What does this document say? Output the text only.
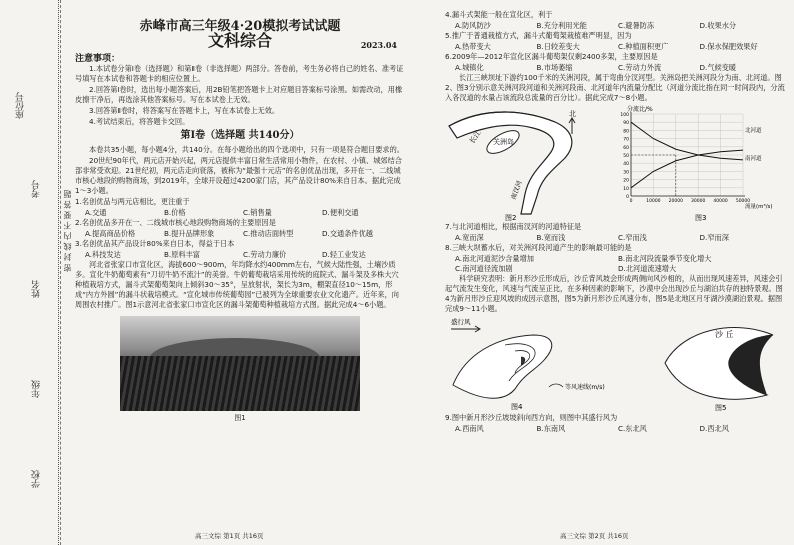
座位号
考号
姓名
年级
学校
密 封 线 内 不 要 答 题
赤峰市高三年级4·20模拟考试试题
文科综合	2023.04
注意事项：
1.本试卷分第Ⅰ卷（选择题）和第Ⅱ卷（非选择题）两部分。答卷前，考生务必将自己的姓名、准考证号填写在本试卷和答题卡的相应位置上。
2.回答第Ⅰ卷时，选出每小题答案后，用2B铅笔把答题卡上对应题目答案标号涂黑。如需改动，用橡皮擦干净后，再选涂其他答案标号。写在本试卷上无效。
3.回答第Ⅱ卷时，将答案写在答题卡上，写在本试卷上无效。
4.考试结束后，将答题卡交回。
第Ⅰ卷（选择题 共140分）
本卷共35小题，每小题4分，共140分。在每小题给出的四个选项中，只有一项是符合题目要求的。
20世纪90年代，两元店开始兴起，两元店提供丰富日常生活常用小物件，在农村、小镇、城郊结合部非常受欢迎。21世纪初，两元店走向衰落，被称为“最强十元店”的名创优品出现，多开在一、二线城市核心地段的购物商场，到2019年，全球开设超过4200家门店，其产品设计80%来自日本。据此完成1～3小题。
1.名创优品与两元店相比，更注重于
A.交通	B.价格	C.销售量	D.便利交通
2.名创优品多开在一、二线城市核心地段购物商场的主要原因是
A.提高商品价格	B.提升品牌形象	C.推动店面转型	D.交通条件优越
3.名创优品其产品设计80%来自日本，得益于日本
A.科技发达	B.原料丰富	C.劳动力廉价	D.轻工业发达
河北省张家口市宣化区，海拔600～900m，年均降水约400mm左右，气候大陆性强，土壤沙质多。宣化牛奶葡萄素有“刀切牛奶不流汁”的美誉。牛奶葡萄栽培采用传统的庭院式、漏斗架及多株大穴种植栽培方式，漏斗式架葡萄架向上倾斜30～35°，呈放射状，架长为3m，棚架直径10～15m，形成“内方外圆”的漏斗状栽培模式。“宣化城市传统葡萄园”已被列为全球重要农业文化遗产。近年来，向周围农村推广。图1示意河北省张家口市宣化区的漏斗架葡萄种植栽培方式图。据此完成4～6小题。
图1
高三文综 第1页 共16页
4.漏斗式架能一般在宣化区，利于
A.防风防沙	B.充分利用光能	C.避暑防冻	D.收果水分
5.推广于普通栽植方式，漏斗式葡萄架栽植难严明显，因为
A.热带变大	B.日较差变大	C.种植面积更广	D.保水保肥效果好
6.2009年—2012年宣化区漏斗葡萄架仅剩2400多架，主要原因是
A.城镇化	B.市场萎缩	C.劳动力外流	D.气候变暖
长江三峡坝址下游约100千米的关洲河段，属于弯曲分汊河型。关洲岛把关洲河段分为南、北河道。图2、图3分别示意关洲河段河道和关洲河段南、北河道年内流量分配比（河道分流比指在同一时间段内，分流入各汊道的水量占该流段总流量的百分比）。据此完成7～8小题。
长江 关洲岛
南汊河
北
图2
0
10
20
30
40
50
60
70
80
90
100
0	10000 20000 30000 40000 50000
分流比/%
流量(m³/s)
北河道
南河道
图3
7.与北河道相比，根据南汊河的河道特征是
A.宽而深	B.宽而浅	C.窄而浅	D.窄而深
8.三峡大坝蓄水后，对关洲河段河道产生的影响最可能的是
A.南北河道泥沙含量增加	B.南北河段流量季节变化增大
C.南河道径流加剧	D.北河道流速增大
科学研究表明：新月形沙丘形成后，沙丘背风坡会形成两侧向风沙相的，从而出现风速差异，风速会引起气流发生变化，风速与气流呈正比，在多种因素的影响下，沙漠中会出现沙丘与湖泊共存的独特景观。图4为新月形沙丘迎风坡的成因示意图，图5为新月形沙丘风速分布，图5是北地区月牙湖沙漠湖泊景观。据图完成9～11小题。
盛行风
等风速线(m/s)
图4
沙 丘
图5
9.图中新月形沙丘坡坡斜向西方向，则图中其盛行风为
A.西南风	B.东南风	C.东北风	D.西北风
高三文综 第2页 共16页
